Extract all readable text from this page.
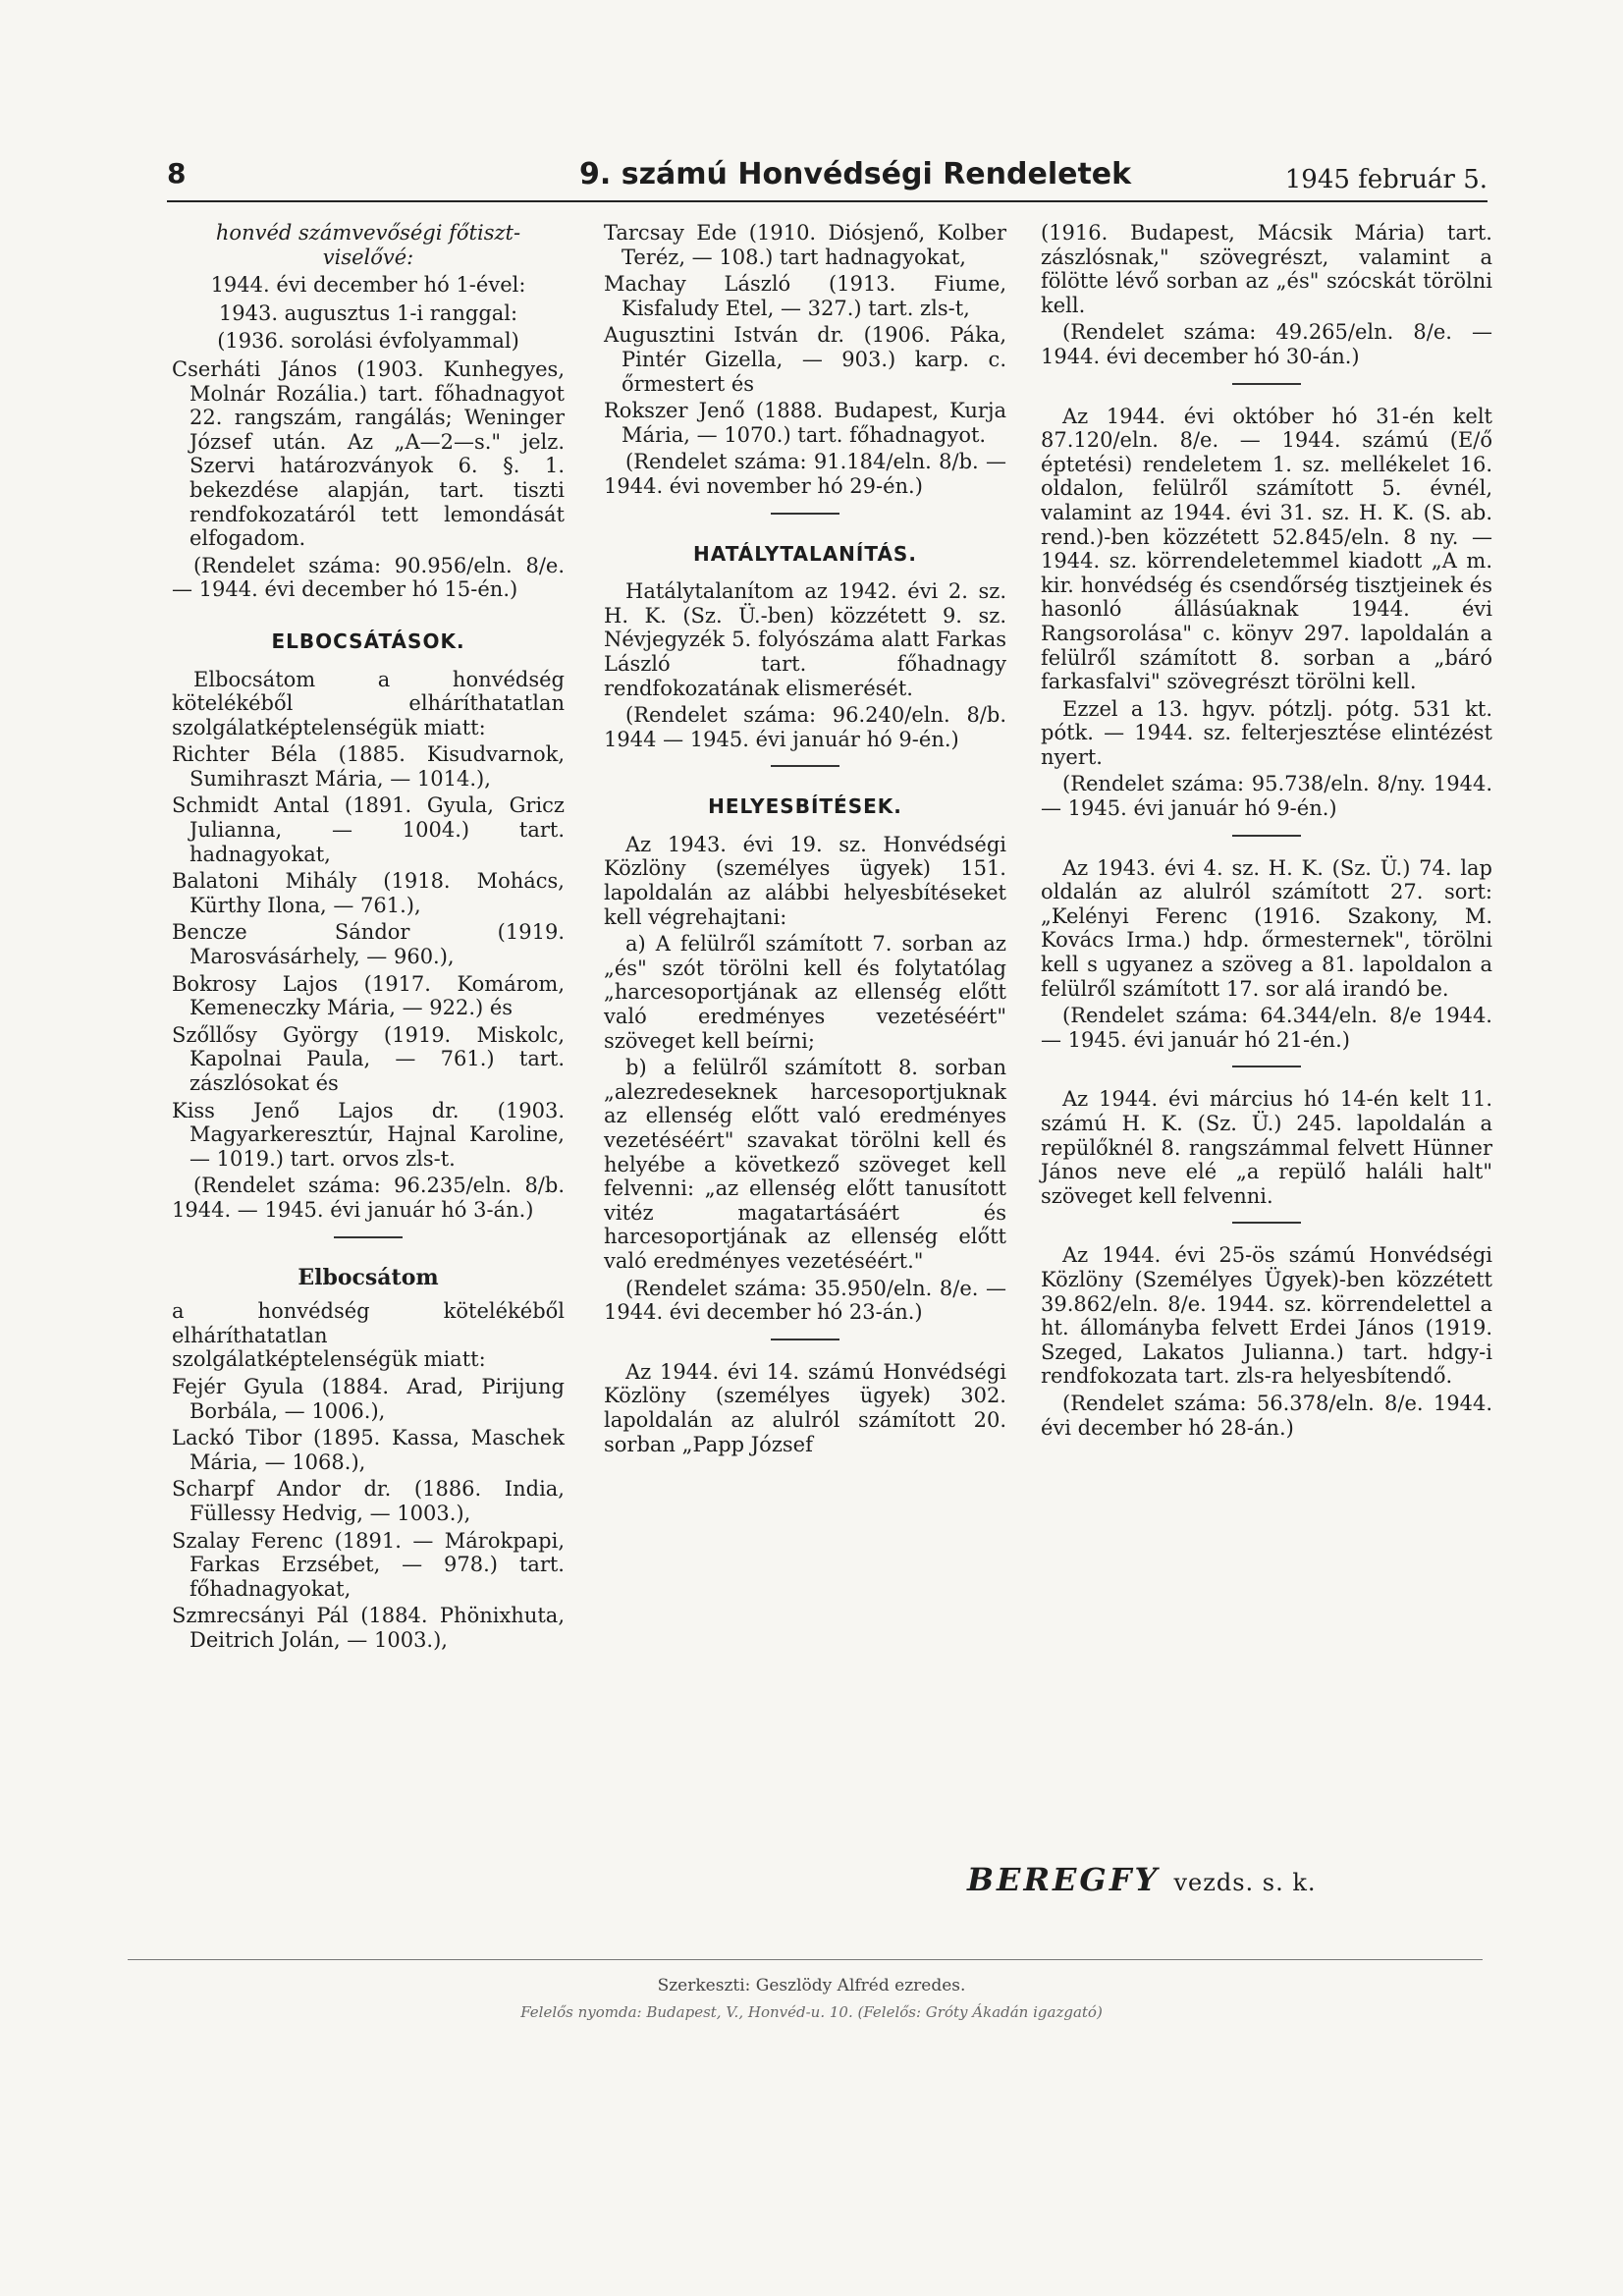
8	9. számú Honvédségi Rendeletek	1945 február 5.

honvéd számvevőségi főtiszt-viselővé:

1944. évi december hó 1-ével:

1943. augusztus 1-i ranggal:

(1936. sorolási évfolyammal)

Cserháti János (1903. Kunhegyes, Molnár Rozália.) tart. főhadnagyot 22. rangszám, rangálás; Weninger József után. Az „A—2—s." jelz. Szervi határozványok 6. §. 1. bekezdése alapján, tart. tiszti rendfokozatáról tett lemondását elfogadom.

(Rendelet száma: 90.956/eln. 8/e. — 1944. évi december hó 15-én.)

ELBOCSÁTÁSOK.

Elbocsátom a honvédség kötelékéből elháríthatatlan szolgálatképtelenségük miatt:

Richter Béla (1885. Kisudvarnok, Sumihraszt Mária, — 1014.),

Schmidt Antal (1891. Gyula, Gricz Julianna, — 1004.) tart. hadnagyokat,

Balatoni Mihály (1918. Mohács, Kürthy Ilona, — 761.),

Bencze Sándor (1919. Marosvásárhely, — 960.),

Bokrosy Lajos (1917. Komárom, Kemeneczky Mária, — 922.) és

Szőllősy György (1919. Miskolc, Kapolnai Paula, — 761.) tart. zászlósokat és

Kiss Jenő Lajos dr. (1903. Magyarkeresztúr, Hajnal Karoline, — 1019.) tart. orvos zls-t.

(Rendelet száma: 96.235/eln. 8/b. 1944. — 1945. évi január hó 3-án.)

Elbocsátom

a honvédség kötelékéből elháríthatatlan szolgálatképtelenségük miatt:

Fejér Gyula (1884. Arad, Pirijung Borbála, — 1006.),

Lackó Tibor (1895. Kassa, Maschek Mária, — 1068.),

Scharpf Andor dr. (1886. India, Füllessy Hedvig, — 1003.),

Szalay Ferenc (1891. — Márokpapi, Farkas Erzsébet, — 978.) tart. főhadnagyokat,

Szmrecsányi Pál (1884. Phönixhuta, Deitrich Jolán, — 1003.),

Tarcsay Ede (1910. Diósjenő, Kolber Teréz, — 108.) tart hadnagyokat,

Machay László (1913. Fiume, Kisfaludy Etel, — 327.) tart. zls-t,

Augusztini István dr. (1906. Páka, Pintér Gizella, — 903.) karp. c. őrmestert és

Rokszer Jenő (1888. Budapest, Kurja Mária, — 1070.) tart. főhadnagyot.

(Rendelet száma: 91.184/eln. 8/b. — 1944. évi november hó 29-én.)

HATÁLYTALANÍTÁS.

Hatálytalanítom az 1942. évi 2. sz. H. K. (Sz. Ü.-ben) közzétett 9. sz. Névjegyzék 5. folyószáma alatt Farkas László tart. főhadnagy rendfokozatának elismerését.

(Rendelet száma: 96.240/eln. 8/b. 1944 — 1945. évi január hó 9-én.)

HELYESBÍTÉSEK.

Az 1943. évi 19. sz. Honvédségi Közlöny (személyes ügyek) 151. lapoldalán az alábbi helyesbítéseket kell végrehajtani:

a) A felülről számított 7. sorban az „és" szót törölni kell és folytatólag „harcesoportjának az ellenség előtt való eredményes vezetéséért" szöveget kell beírni;

b) a felülről számított 8. sorban „alezredeseknek harcesoportjuknak az ellenség előtt való eredményes vezetéséért" szavakat törölni kell és helyébe a következő szöveget kell felvenni: „az ellenség előtt tanusított vitéz magatartásáért és harcesoportjának az ellenség előtt való eredményes vezetéséért."

(Rendelet száma: 35.950/eln. 8/e. — 1944. évi december hó 23-án.)

Az 1944. évi 14. számú Honvédségi Közlöny (személyes ügyek) 302. lapoldalán az alulról számított 20. sorban „Papp József

(1916. Budapest, Mácsik Mária) tart. zászlósnak," szövegrészt, valamint a fölötte lévő sorban az „és" szócskát törölni kell.

(Rendelet száma: 49.265/eln. 8/e. — 1944. évi december hó 30-án.)

Az 1944. évi október hó 31-én kelt 87.120/eln. 8/e. — 1944. számú (E/ő éptetési) rendeletem 1. sz. mellékelet 16. oldalon, felülről számított 5. évnél, valamint az 1944. évi 31. sz. H. K. (S. ab. rend.)-ben közzétett 52.845/eln. 8 ny. — 1944. sz. körrendeletemmel kiadott „A m. kir. honvédség és csendőrség tisztjeinek és hasonló állásúaknak 1944. évi Rangsorolása" c. könyv 297. lapoldalán a felülről számított 8. sorban a „báró farkasfalvi" szövegrészt törölni kell.

Ezzel a 13. hgyv. pótzlj. pótg. 531 kt. pótk. — 1944. sz. felterjesztése elintézést nyert.

(Rendelet száma: 95.738/eln. 8/ny. 1944. — 1945. évi január hó 9-én.)

Az 1943. évi 4. sz. H. K. (Sz. Ü.) 74. lap oldalán az alulról számított 27. sort: „Kelényi Ferenc (1916. Szakony, M. Kovács Irma.) hdp. őrmesternek", törölni kell s ugyanez a szöveg a 81. lapoldalon a felülről számított 17. sor alá irandó be.

(Rendelet száma: 64.344/eln. 8/e 1944. — 1945. évi január hó 21-én.)

Az 1944. évi március hó 14-én kelt 11. számú H. K. (Sz. Ü.) 245. lapoldalán a repülőknél 8. rangszámmal felvett Hünner János neve elé „a repülő haláli halt" szöveget kell felvenni.

Az 1944. évi 25-ös számú Honvédségi Közlöny (Személyes Ügyek)-ben közzétett 39.862/eln. 8/e. 1944. sz. körrendelettel a ht. állományba felvett Erdei János (1919. Szeged, Lakatos Julianna.) tart. hdgy-i rendfokozata tart. zls-ra helyesbítendő.

(Rendelet száma: 56.378/eln. 8/e. 1944. évi december hó 28-án.)

BEREGFY vezds. s. k.
Szerkeszti: Geszlödy Alfréd ezredes.
Felelős nyomda: Budapest, V., Honvéd-u. 10. (Felelős: Gróty Ákadán igazgató)
